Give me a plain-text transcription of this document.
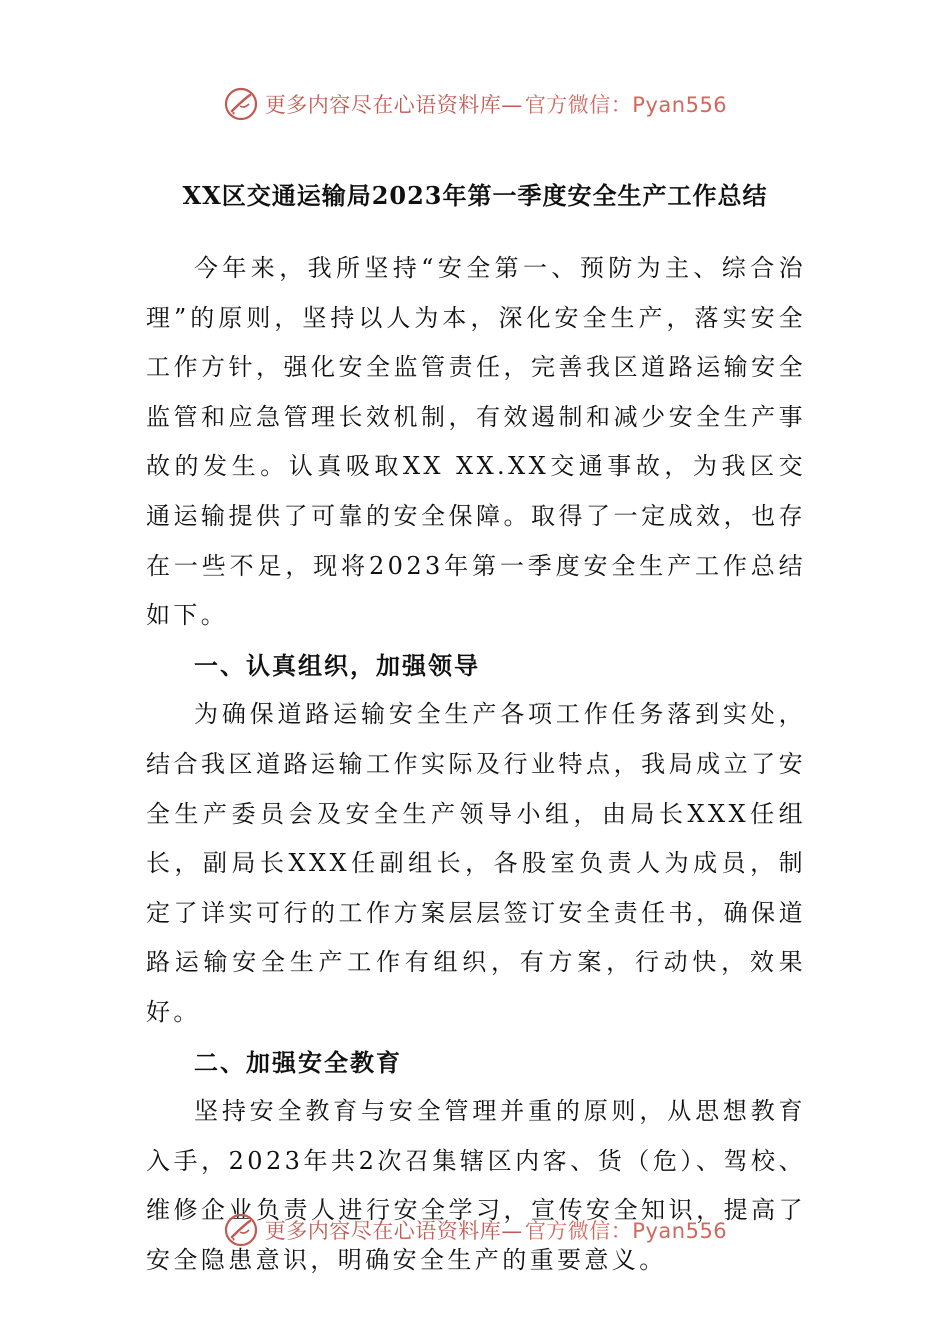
更多内容尽在心语资料库— 官方微信：Pyan556
XX区交通运输局2023年第一季度安全生产工作总结

今年来，我所坚持“安全第一、预防为主、综合治理”的原则，坚持以人为本，深化安全生产，落实安全工作方针，强化安全监管责任，完善我区道路运输安全监管和应急管理长效机制，有效遏制和减少安全生产事故的发生。认真吸取XX XX.XX交通事故，为我区交通运输提供了可靠的安全保障。取得了一定成效，也存在一些不足，现将2023年第一季度安全生产工作总结如下。

一、认真组织，加强领导

为确保道路运输安全生产各项工作任务落到实处，结合我区道路运输工作实际及行业特点，我局成立了安全生产委员会及安全生产领导小组，由局长XXX任组长，副局长XXX任副组长，各股室负责人为成员，制定了详实可行的工作方案层层签订安全责任书，确保道路运输安全生产工作有组织，有方案，行动快，效果好。

二、加强安全教育

坚持安全教育与安全管理并重的原则，从思想教育入手，2023年共2次召集辖区内客、货（危）、驾校、维修企业负责人进行安全学习，宣传安全知识，提高了安全隐患意识，明确安全生产的重要意义。

更多内容尽在心语资料库— 官方微信：Pyan556
